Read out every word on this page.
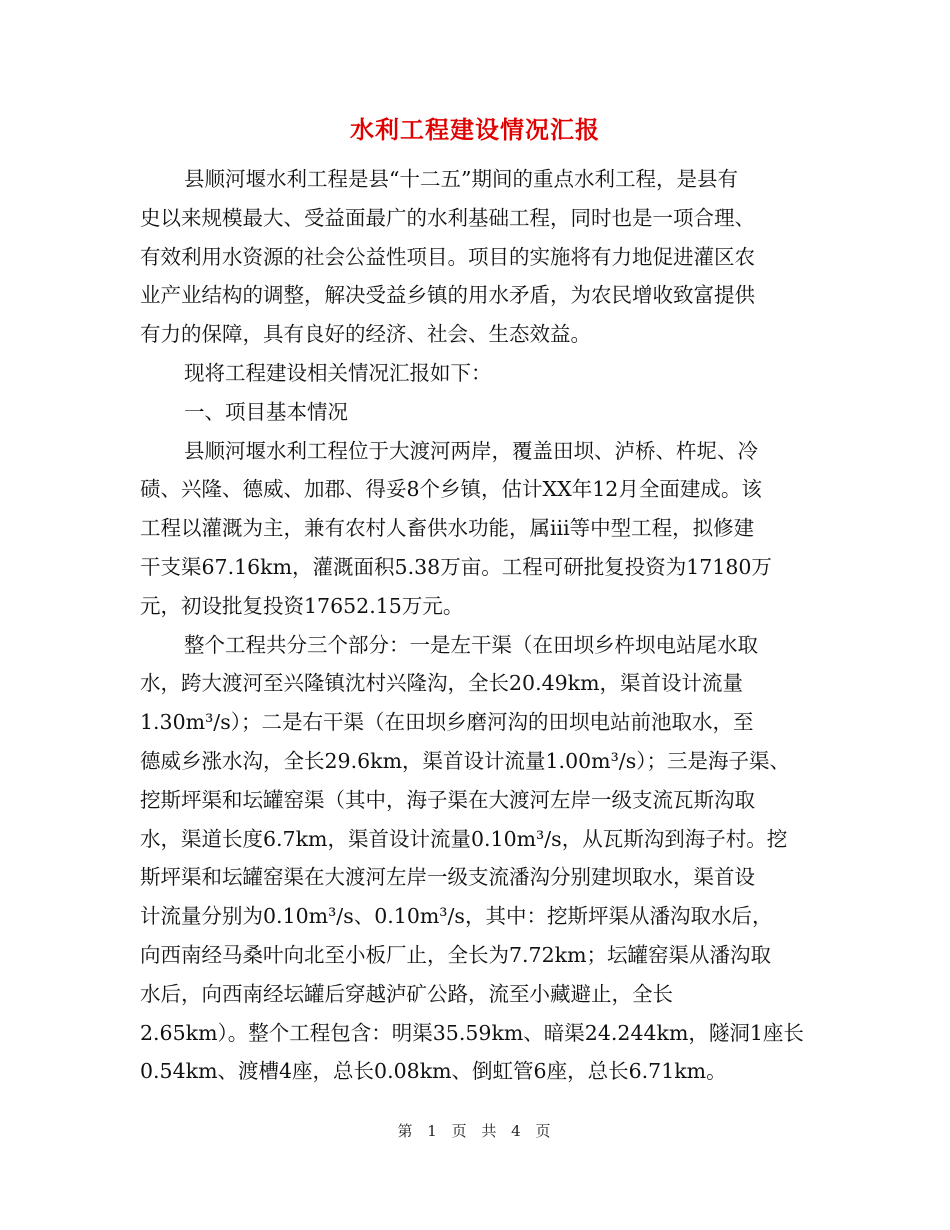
水利工程建设情况汇报
县顺河堰水利工程是县“十二五”期间的重点水利工程，是县有
史以来规模最大、受益面最广的水利基础工程，同时也是一项合理、
有效利用水资源的社会公益性项目。项目的实施将有力地促进灌区农
业产业结构的调整，解决受益乡镇的用水矛盾，为农民增收致富提供
有力的保障，具有良好的经济、社会、生态效益。
现将工程建设相关情况汇报如下：
一、项目基本情况
县顺河堰水利工程位于大渡河两岸，覆盖田坝、泸桥、杵坭、冷
碛、兴隆、德威、加郡、得妥8个乡镇，估计XX年12月全面建成。该
工程以灌溉为主，兼有农村人畜供水功能，属ⅲ等中型工程，拟修建
干支渠67.16km，灌溉面积5.38万亩。工程可研批复投资为17180万
元，初设批复投资17652.15万元。
整个工程共分三个部分：一是左干渠（在田坝乡杵坝电站尾水取
水，跨大渡河至兴隆镇沈村兴隆沟，全长20.49km，渠首设计流量
1.30m³/s）；二是右干渠（在田坝乡磨河沟的田坝电站前池取水，至
德威乡涨水沟，全长29.6km，渠首设计流量1.00m³/s）；三是海子渠、
挖斯坪渠和坛罐窑渠（其中，海子渠在大渡河左岸一级支流瓦斯沟取
水，渠道长度6.7km，渠首设计流量0.10m³/s，从瓦斯沟到海子村。挖
斯坪渠和坛罐窑渠在大渡河左岸一级支流潘沟分别建坝取水，渠首设
计流量分别为0.10m³/s、0.10m³/s，其中：挖斯坪渠从潘沟取水后，
向西南经马桑叶向北至小板厂止，全长为7.72km；坛罐窑渠从潘沟取
水后，向西南经坛罐后穿越泸矿公路，流至小藏避止，全长
2.65km）。整个工程包含：明渠35.59km、暗渠24.244km，隧洞1座长
0.54km、渡槽4座，总长0.08km、倒虹管6座，总长6.71km。
第 1 页 共 4 页
